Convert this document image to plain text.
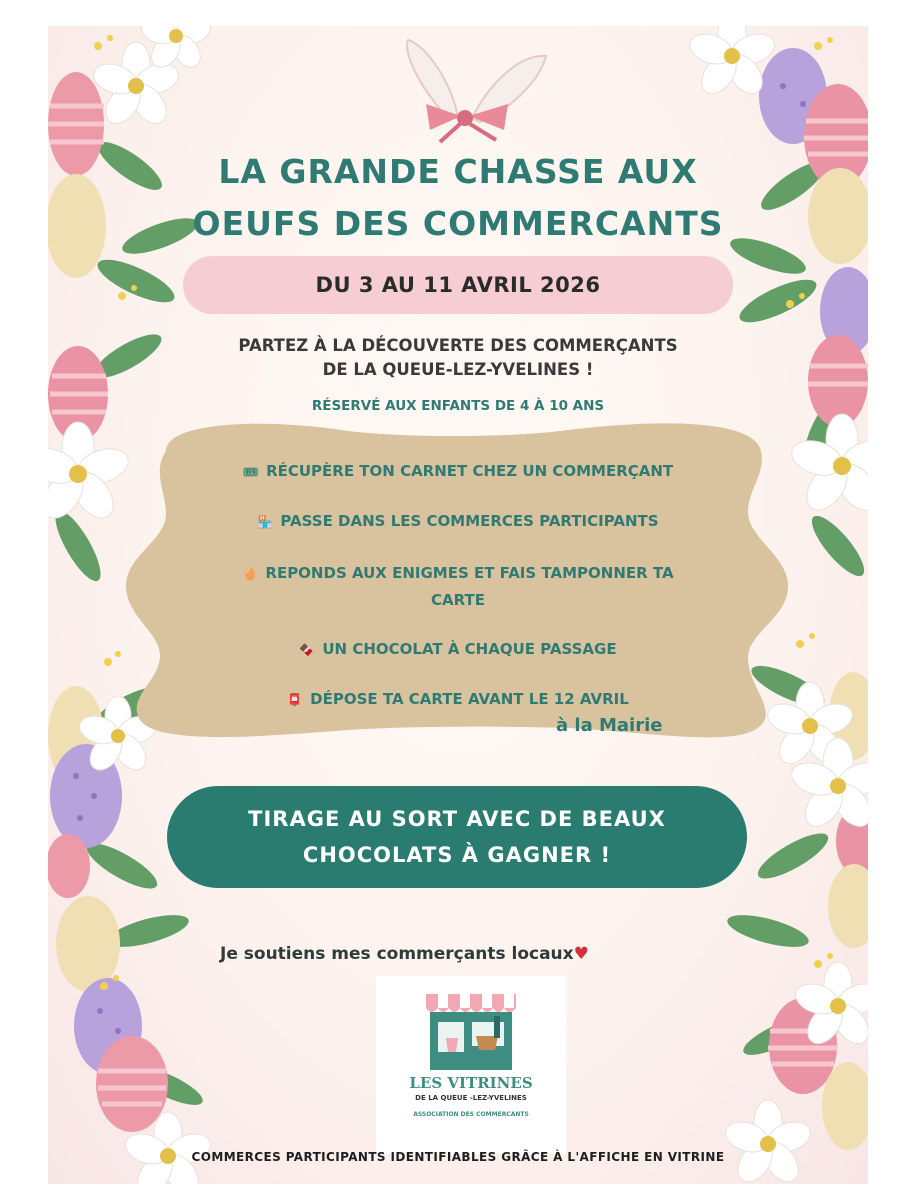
LA GRANDE CHASSE AUX
OEUFS DES COMMERCANTS
DU 3 AU 11 AVRIL 2026
PARTEZ À LA DÉCOUVERTE DES COMMERÇANTS
DE LA QUEUE-LEZ-YVELINES !
RÉSERVÉ AUX ENFANTS DE 4 À 10 ANS
🎟 RÉCUPÈRE TON CARNET CHEZ UN COMMERÇANT
🏪 PASSE DANS LES COMMERCES PARTICIPANTS
🥚 REPONDS AUX ENIGMES ET FAIS TAMPONNER TA CARTE
🍫 UN CHOCOLAT À CHAQUE PASSAGE
📮 DÉPOSE TA CARTE AVANT LE 12 AVRIL
à la Mairie
TIRAGE AU SORT AVEC DE BEAUX
CHOCOLATS À GAGNER !
Je soutiens mes commerçants locaux♥
LES VITRINES
DE LA QUEUE -LEZ-YVELINES
ASSOCIATION DES COMMERCANTS
COMMERCES PARTICIPANTS IDENTIFIABLES GRÂCE À L'AFFICHE EN VITRINE
